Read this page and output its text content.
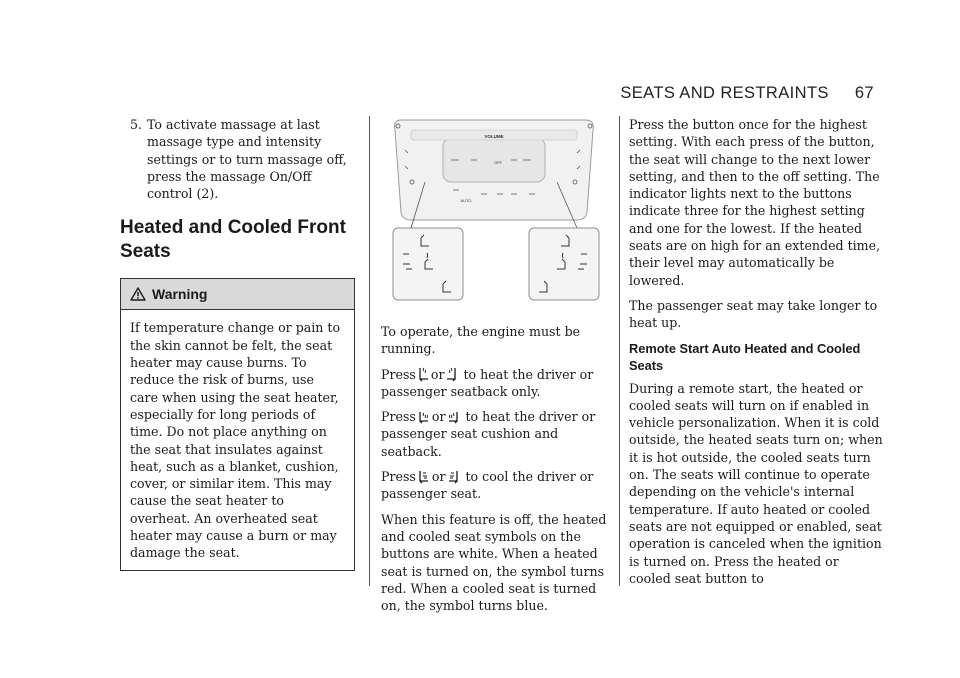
SEATS AND RESTRAINTS 67
5. To activate massage at last massage type and intensity settings or to turn massage off, press the massage On/Off control (2).
Heated and Cooled Front Seats
Warning

If temperature change or pain to the skin cannot be felt, the seat heater may cause burns. To reduce the risk of burns, use care when using the seat heater, especially for long periods of time. Do not place anything on the seat that insulates against heat, such as a blanket, cushion, cover, or similar item. This may cause the seat heater to overheat. An overheated seat heater may cause a burn or may damage the seat.

VOLUME
OFF
AUTO

To operate, the engine must be running.

Press or to heat the driver or passenger seatback only.

Press or to heat the driver or passenger seat cushion and seatback.

Press or to cool the driver or passenger seat.

When this feature is off, the heated and cooled seat symbols on the buttons are white. When a heated seat is turned on, the symbol turns red. When a cooled seat is turned on, the symbol turns blue.

Press the button once for the highest setting. With each press of the button, the seat will change to the next lower setting, and then to the off setting. The indicator lights next to the buttons indicate three for the highest setting and one for the lowest. If the heated seats are on high for an extended time, their level may automatically be lowered.

The passenger seat may take longer to heat up.

Remote Start Auto Heated and Cooled Seats

During a remote start, the heated or cooled seats will turn on if enabled in vehicle personalization. When it is cold outside, the heated seats turn on; when it is hot outside, the cooled seats turn on. The seats will continue to operate depending on the vehicle's internal temperature. If auto heated or cooled seats are not equipped or enabled, seat operation is canceled when the ignition is turned on. Press the heated or cooled seat button to
